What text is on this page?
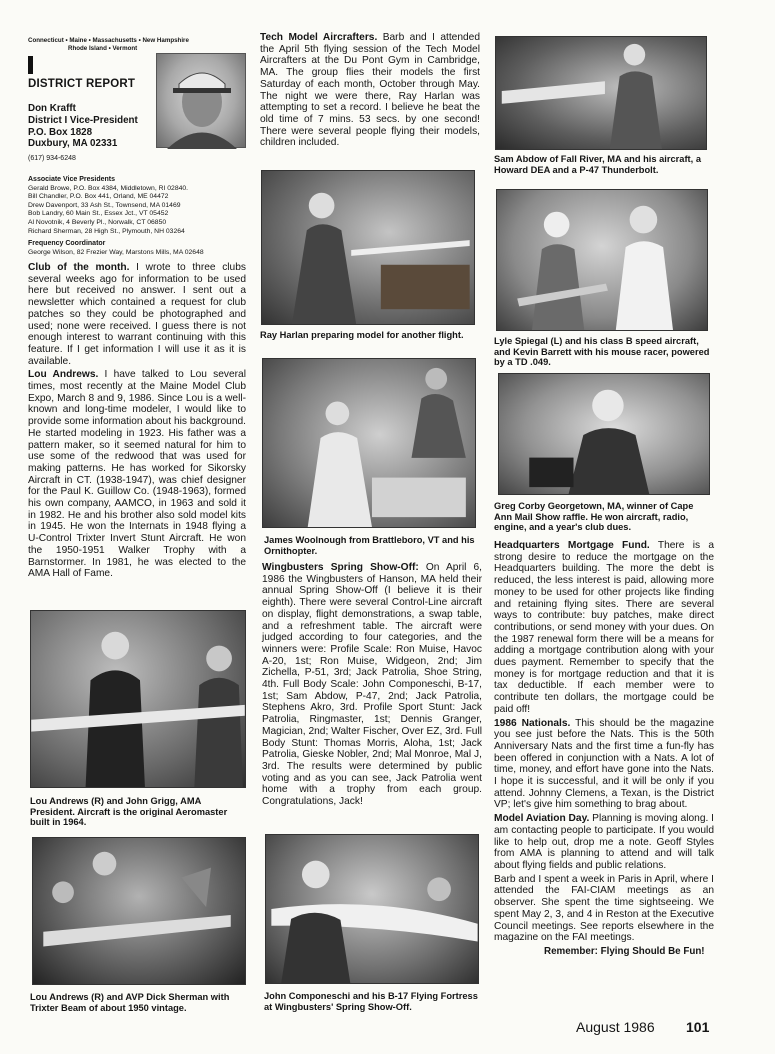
Connecticut • Maine • Massachusetts • New Hampshire
Rhode Island • Vermont
DISTRICT REPORT
Don Krafft
District I Vice-President
P.O. Box 1828
Duxbury, MA 02331
(617) 934-6248
Associate Vice Presidents
Gerald Browe, P.O. Box 4384, Middletown, RI 02840.
Bill Chandler, P.O. Box 441, Orland, ME 04472
Drew Davenport, 33 Ash St., Townsend, MA 01469
Bob Landry, 60 Main St., Essex Jct., VT 05452
Al Novotnik, 4 Beverly Pl., Norwalk, CT 06850
Richard Sherman, 28 High St., Plymouth, NH 03264
Frequency Coordinator
George Wilson, 82 Frezier Way, Marstons Mills, MA 02648

Club of the month. I wrote to three clubs several weeks ago for information to be used here but received no answer. I sent out a newsletter which contained a request for club patches so they could be photographed and used; none were received. I guess there is not enough interest to warrant continuing with this feature. If I get information I will use it as it is available.

Lou Andrews. I have talked to Lou several times, most recently at the Maine Model Club Expo, March 8 and 9, 1986. Since Lou is a well-known and long-time modeler, I would like to provide some information about his background. He started modeling in 1923. His father was a pattern maker, so it seemed natural for him to use some of the redwood that was used for making patterns. He has worked for Sikorsky Aircraft in CT. (1938-1947), was chief designer for the Paul K. Guillow Co. (1948-1963), formed his own company, AAMCO, in 1963 and sold it in 1982. He and his brother also sold model kits in 1945. He won the Internats in 1948 flying a U-Control Trixter Invert Stunt Aircraft. He won the 1950-1951 Walker Trophy with a Barnstormer. In 1981, he was elected to the AMA Hall of Fame.

Lou Andrews (R) and John Grigg, AMA President. Aircraft is the original Aeromaster built in 1964.
Lou Andrews (R) and AVP Dick Sherman with Trixter Beam of about 1950 vintage.

Tech Model Aircrafters. Barb and I attended the April 5th flying session of the Tech Model Aircrafters at the Du Pont Gym in Cambridge, MA. The group flies their models the first Saturday of each month, October through May. The night we were there, Ray Harlan was attempting to set a record. I believe he beat the old time of 7 mins. 53 secs. by one second! There were several people flying their models, children included.

Ray Harlan preparing model for another flight.
James Woolnough from Brattleboro, VT and his Ornithopter.

Wingbusters Spring Show-Off: On April 6, 1986 the Wingbusters of Hanson, MA held their annual Spring Show-Off (I believe it is their eighth). There were several Control-Line aircraft on display, flight demonstrations, a swap table, and a refreshment table. The aircraft were judged according to four categories, and the winners were: Profile Scale: Ron Muise, Havoc A-20, 1st; Ron Muise, Widgeon, 2nd; Jim Zichella, P-51, 3rd; Jack Patrolia, Shoe String, 4th. Full Body Scale: John Componeschi, B-17, 1st; Sam Abdow, P-47, 2nd; Jack Patrolia, Stephens Akro, 3rd. Profile Sport Stunt: Jack Patrolia, Ringmaster, 1st; Dennis Granger, Magician, 2nd; Walter Fischer, Over EZ, 3rd. Full Body Stunt: Thomas Morris, Aloha, 1st; Jack Patrolia, Gieske Nobler, 2nd; Mal Monroe, Mal J, 3rd. The results were determined by public voting and as you can see, Jack Patrolia went home with a trophy from each group. Congratulations, Jack!

John Componeschi and his B-17 Flying Fortress at Wingbusters' Spring Show-Off.
Sam Abdow of Fall River, MA and his aircraft, a Howard DEA and a P-47 Thunderbolt.
Lyle Spiegal (L) and his class B speed aircraft, and Kevin Barrett with his mouse racer, powered by a TD .049.
Greg Corby Georgetown, MA, winner of Cape Ann Mail Show raffle. He won aircraft, radio, engine, and a year's club dues.

Headquarters Mortgage Fund. There is a strong desire to reduce the mortgage on the Headquarters building. The more the debt is reduced, the less interest is paid, allowing more money to be used for other projects like finding and retaining flying sites. There are several ways to contribute: buy patches, make direct contributions, or send money with your dues. On the 1987 renewal form there will be a means for adding a mortgage contribution along with your dues payment. Remember to specify that the money is for mortgage reduction and that it is tax deductible. If each member were to contribute ten dollars, the mortgage could be paid off!

1986 Nationals. This should be the magazine you see just before the Nats. This is the 50th Anniversary Nats and the first time a fun-fly has been offered in conjunction with a Nats. A lot of time, money, and effort have gone into the Nats. I hope it is successful, and it will be only if you attend. Johnny Clemens, a Texan, is the District VP; let's give him something to brag about.

Model Aviation Day. Planning is moving along. I am contacting people to participate. If you would like to help out, drop me a note. Geoff Styles from AMA is planning to attend and will talk about flying fields and public relations.

Barb and I spent a week in Paris in April, where I attended the FAI-CIAM meetings as an observer. She spent the time sightseeing. We spent May 2, 3, and 4 in Reston at the Executive Council meetings. See reports elsewhere in the magazine on the FAI meetings.

Remember: Flying Should Be Fun!
August 1986 101
